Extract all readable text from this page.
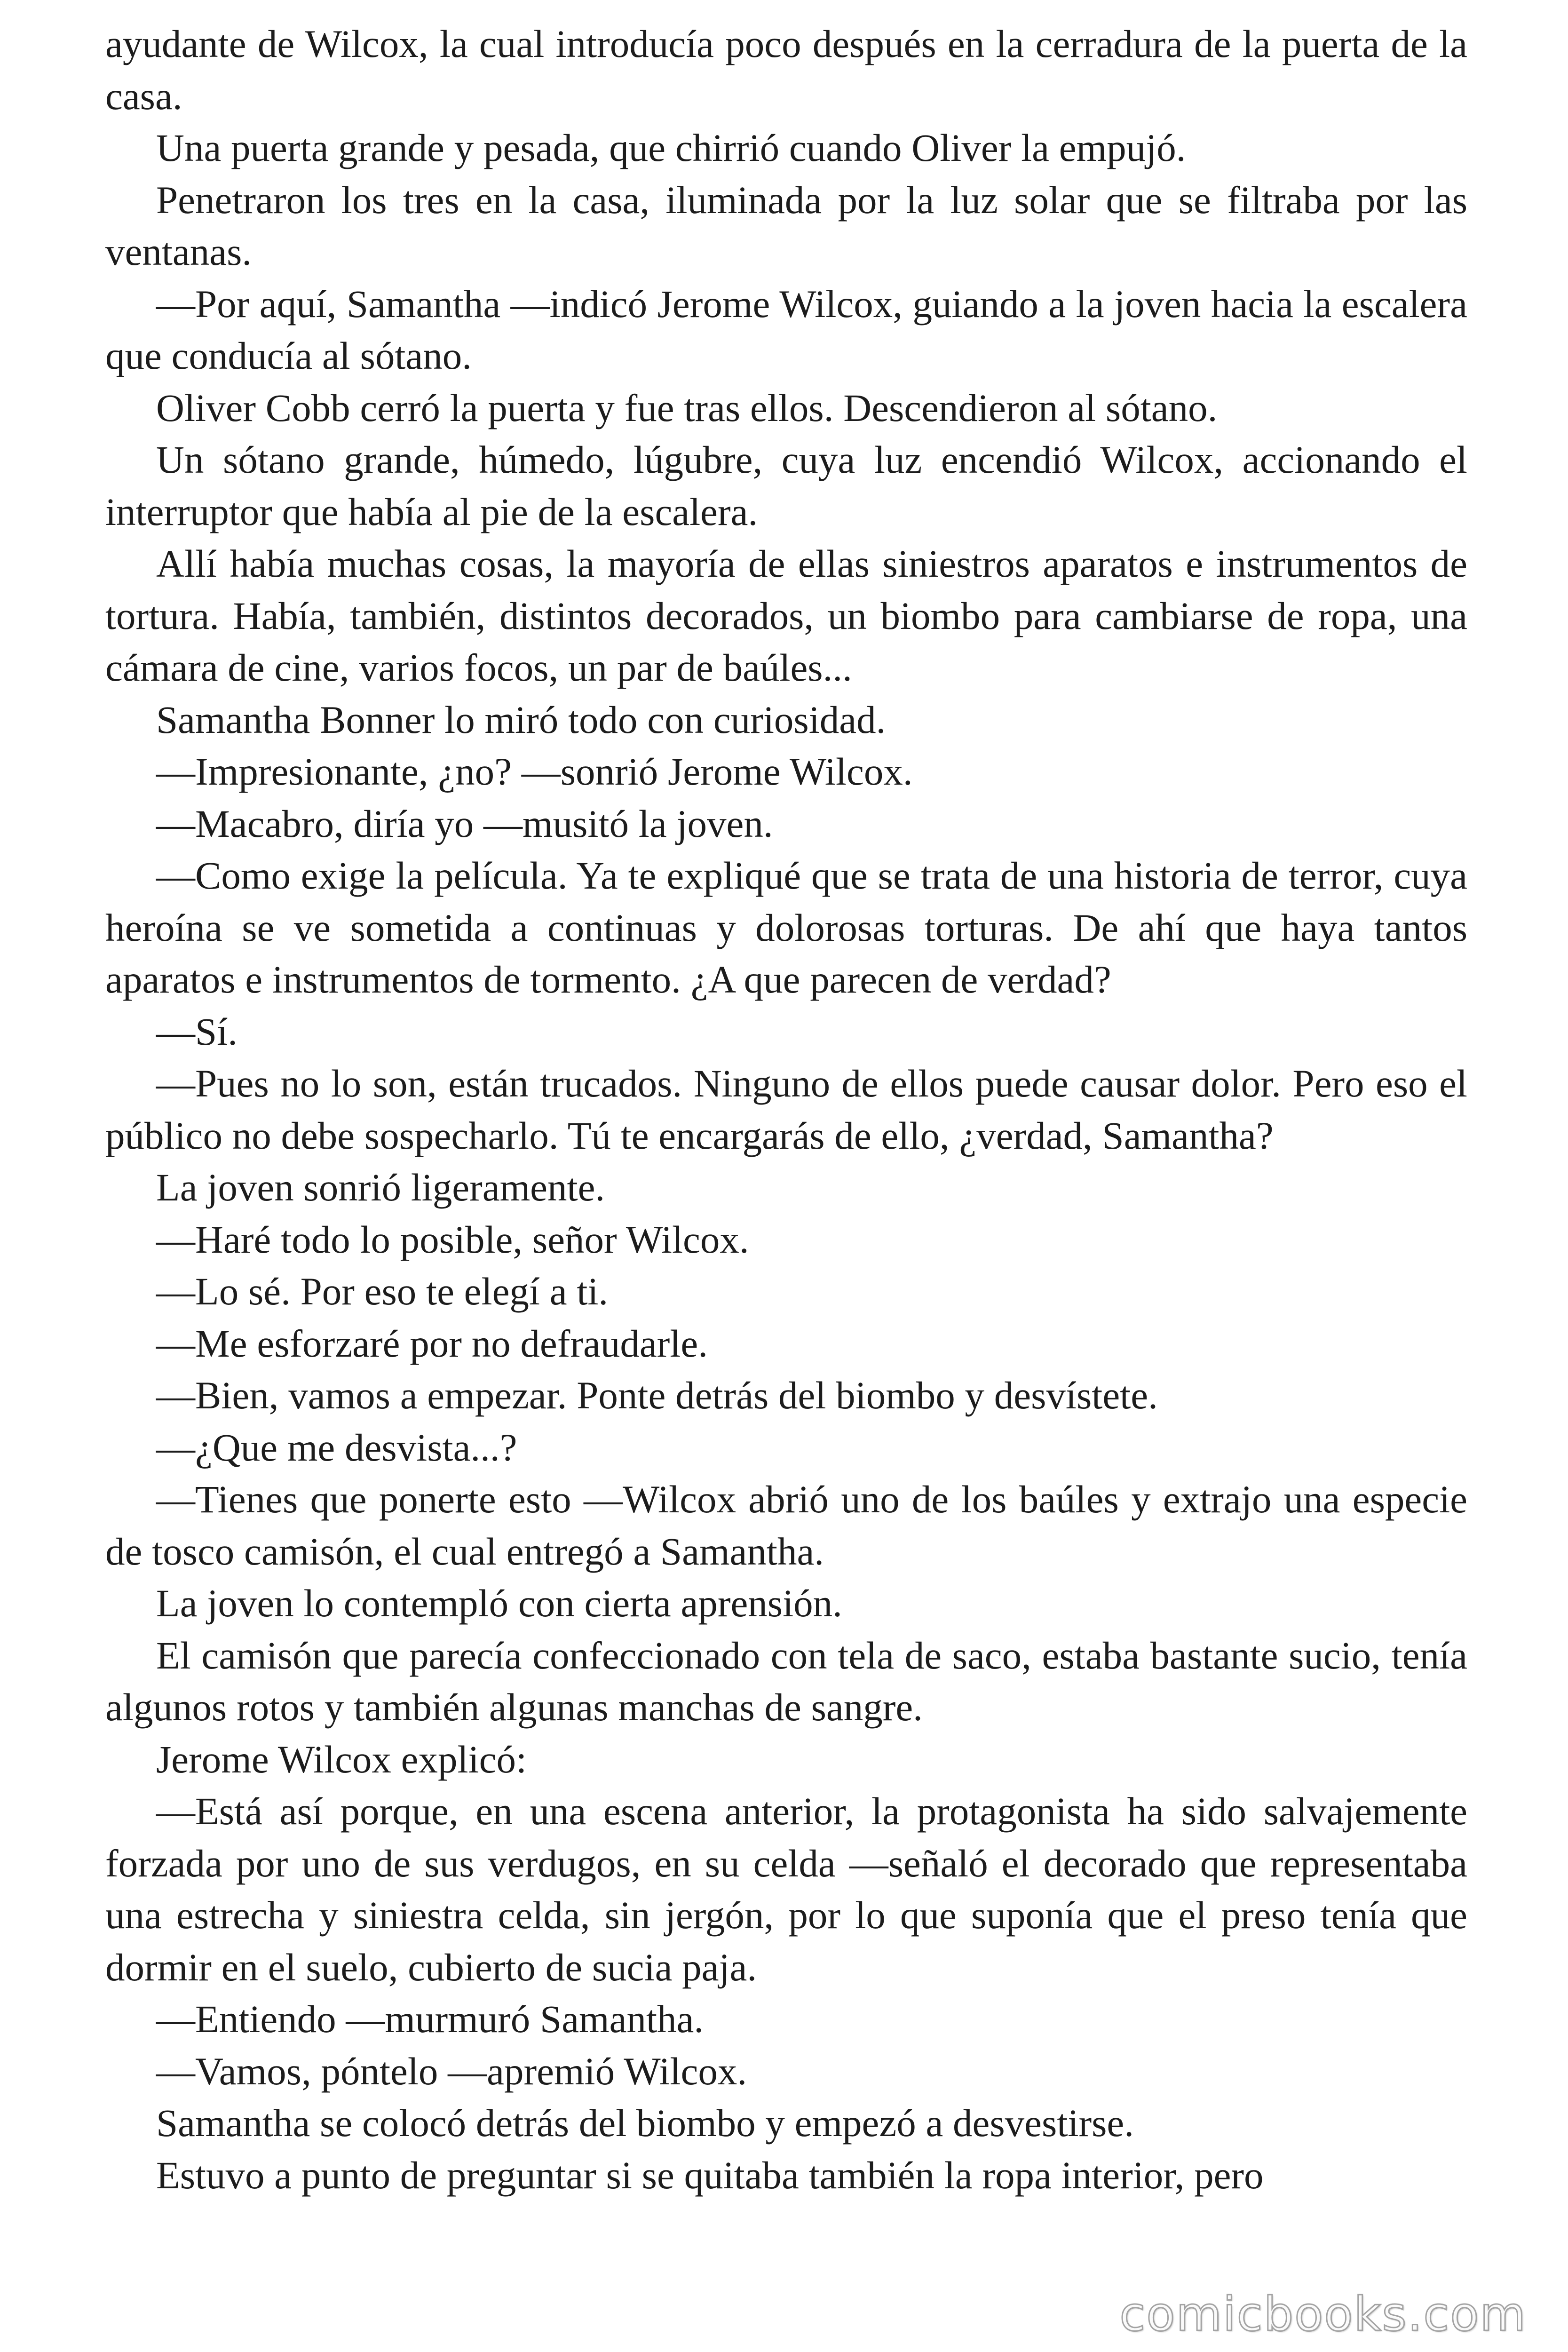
ayudante de Wilcox, la cual introducía poco después en la cerradura de la puerta de la casa.

Una puerta grande y pesada, que chirrió cuando Oliver la empujó.

Penetraron los tres en la casa, iluminada por la luz solar que se filtraba por las ventanas.

—Por aquí, Samantha —indicó Jerome Wilcox, guiando a la joven hacia la escalera que conducía al sótano.

Oliver Cobb cerró la puerta y fue tras ellos. Descendieron al sótano.

Un sótano grande, húmedo, lúgubre, cuya luz encendió Wilcox, accionando el interruptor que había al pie de la escalera.

Allí había muchas cosas, la mayoría de ellas siniestros aparatos e instrumentos de tortura. Había, también, distintos decorados, un biombo para cambiarse de ropa, una cámara de cine, varios focos, un par de baúles...

Samantha Bonner lo miró todo con curiosidad.

—Impresionante, ¿no? —sonrió Jerome Wilcox.

—Macabro, diría yo —musitó la joven.

—Como exige la película. Ya te expliqué que se trata de una historia de terror, cuya heroína se ve sometida a continuas y dolorosas torturas. De ahí que haya tantos aparatos e instrumentos de tormento. ¿A que parecen de verdad?

—Sí.

—Pues no lo son, están trucados. Ninguno de ellos puede causar dolor. Pero eso el público no debe sospecharlo. Tú te encargarás de ello, ¿verdad, Samantha?

La joven sonrió ligeramente.

—Haré todo lo posible, señor Wilcox.

—Lo sé. Por eso te elegí a ti.

—Me esforzaré por no defraudarle.

—Bien, vamos a empezar. Ponte detrás del biombo y desvístete.

—¿Que me desvista...?

—Tienes que ponerte esto —Wilcox abrió uno de los baúles y extrajo una especie de tosco camisón, el cual entregó a Samantha.

La joven lo contempló con cierta aprensión.

El camisón que parecía confeccionado con tela de saco, estaba bastante sucio, tenía algunos rotos y también algunas manchas de sangre.

Jerome Wilcox explicó:

—Está así porque, en una escena anterior, la protagonista ha sido salvajemente forzada por uno de sus verdugos, en su celda —señaló el decorado que representaba una estrecha y siniestra celda, sin jergón, por lo que suponía que el preso tenía que dormir en el suelo, cubierto de sucia paja.

—Entiendo —murmuró Samantha.

—Vamos, póntelo —apremió Wilcox.

Samantha se colocó detrás del biombo y empezó a desvestirse.

Estuvo a punto de preguntar si se quitaba también la ropa interior, pero

comicbooks.com
